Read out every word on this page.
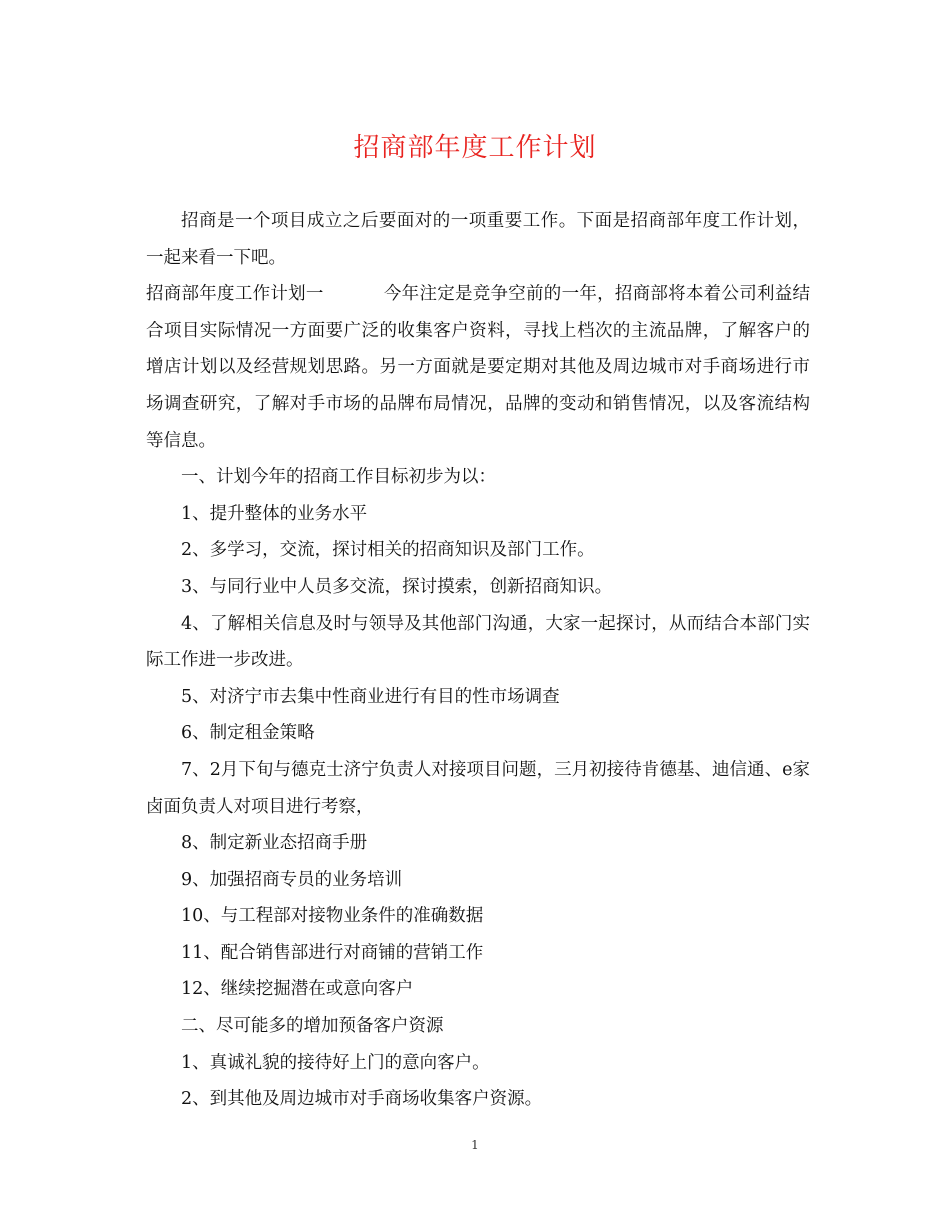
招商部年度工作计划

招商是一个项目成立之后要面对的一项重要工作。下面是招商部年度工作计划，一起来看一下吧。

招商部年度工作计划一	今年注定是竞争空前的一年，招商部将本着公司利益结合项目实际情况一方面要广泛的收集客户资料，寻找上档次的主流品牌，了解客户的增店计划以及经营规划思路。另一方面就是要定期对其他及周边城市对手商场进行市场调查研究，了解对手市场的品牌布局情况，品牌的变动和销售情况，以及客流结构等信息。

一、计划今年的招商工作目标初步为以：

1、提升整体的业务水平

2、多学习，交流，探讨相关的招商知识及部门工作。

3、与同行业中人员多交流，探讨摸索，创新招商知识。

4、了解相关信息及时与领导及其他部门沟通，大家一起探讨，从而结合本部门实际工作进一步改进。

5、对济宁市去集中性商业进行有目的性市场调查

6、制定租金策略

7、2月下旬与德克士济宁负责人对接项目问题，三月初接待肯德基、迪信通、e家卤面负责人对项目进行考察，

8、制定新业态招商手册

9、加强招商专员的业务培训

10、与工程部对接物业条件的准确数据

11、配合销售部进行对商铺的营销工作

12、继续挖掘潜在或意向客户

二、尽可能多的增加预备客户资源

1、真诚礼貌的接待好上门的意向客户。

2、到其他及周边城市对手商场收集客户资源。

1
